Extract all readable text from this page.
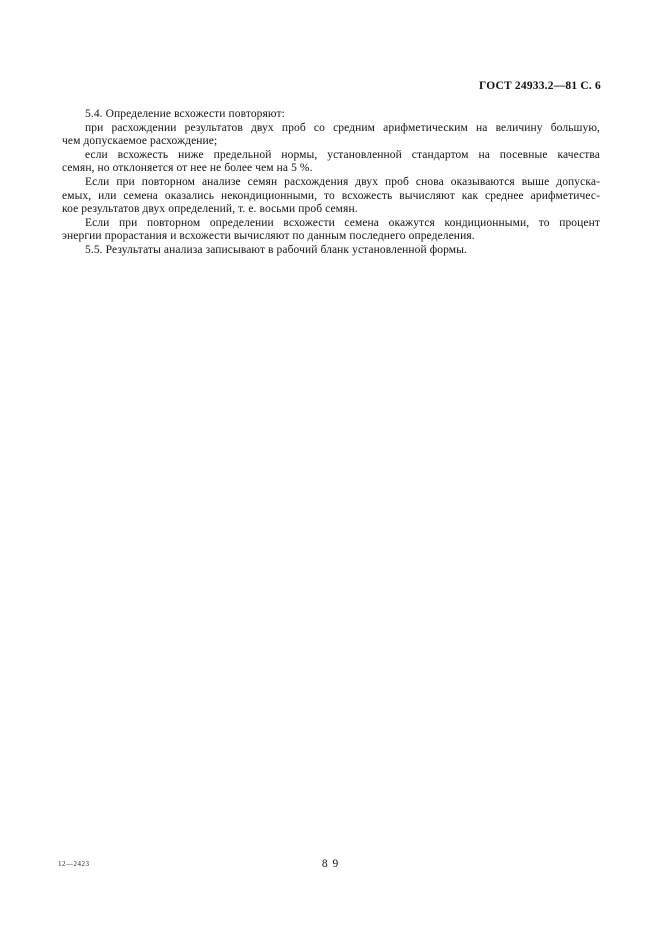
ГОСТ 24933.2—81 С. 6
5.4. Определение всхожести повторяют:
при расхождении результатов двух проб со средним арифметическим на величину большую,
чем допускаемое расхождение;
если всхожесть ниже предельной нормы, установленной стандартом на посевные качества
семян, но отклоняется от нее не более чем на 5 %.
Если при повторном анализе семян расхождения двух проб снова оказываются выше допуска-
емых, или семена оказались некондиционными, то всхожесть вычисляют как среднее арифметичес-
кое результатов двух определений, т. е. восьми проб семян.
Если при повторном определении всхожести семена окажутся кондиционными, то процент
энергии прорастания и всхожести вычисляют по данным последнего определения.
5.5. Результаты анализа записывают в рабочий бланк установленной формы.
12—2423	8 9
